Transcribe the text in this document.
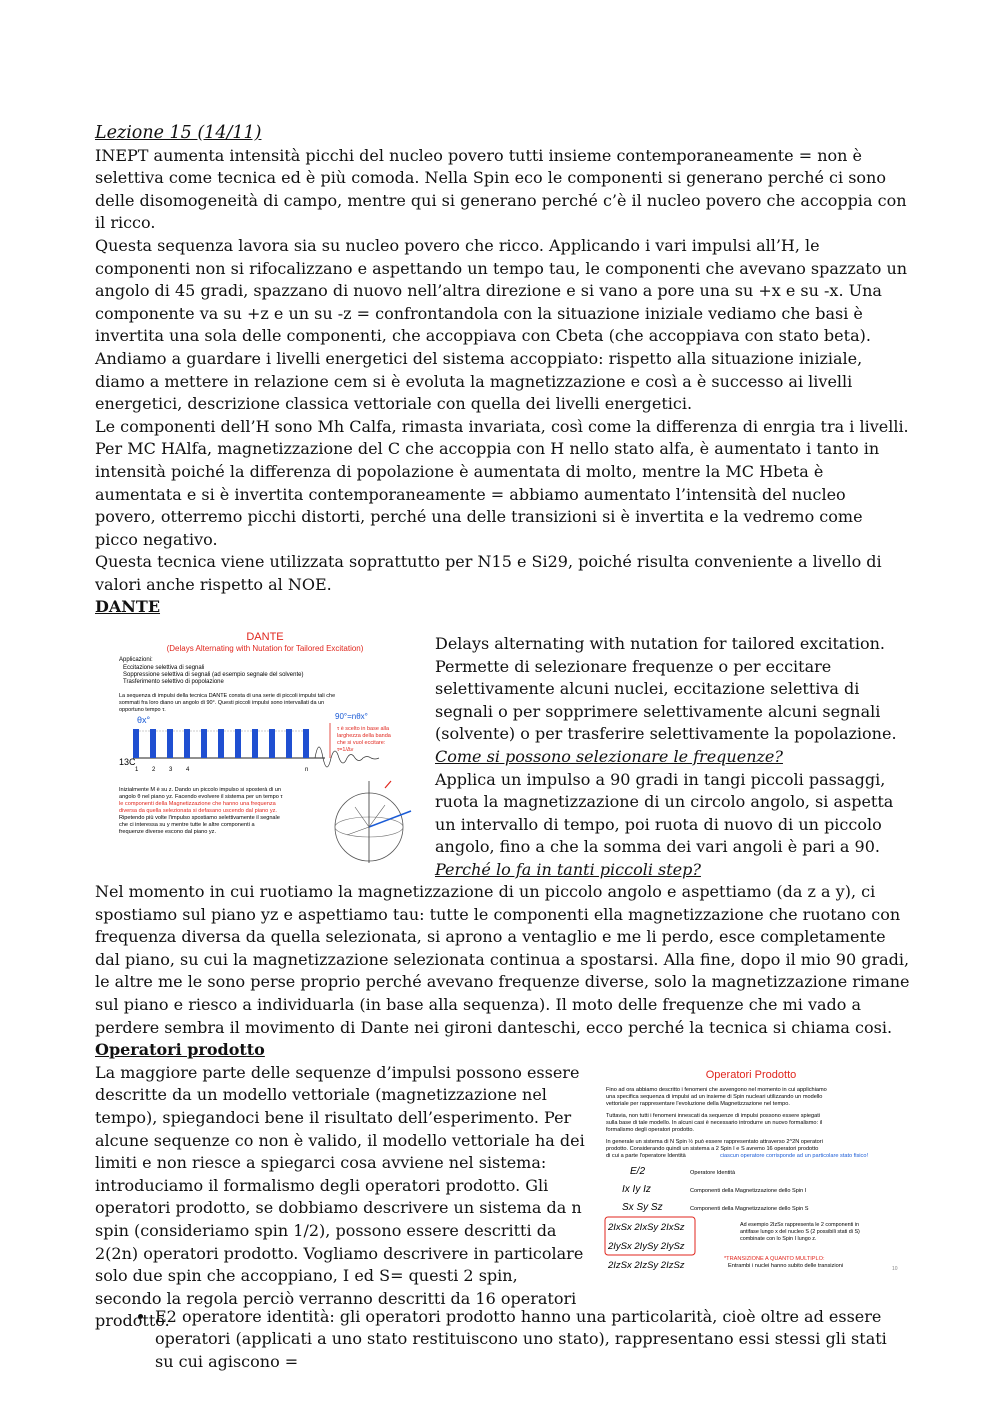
Lezione 15 (14/11)

INEPT aumenta intensità picchi del nucleo povero tutti insieme contemporaneamente = non è selettiva come tecnica ed è più comoda. Nella Spin eco le componenti si generano perché ci sono delle disomogeneità di campo, mentre qui si generano perché c’è il nucleo povero che accoppia con il ricco.

Questa sequenza lavora sia su nucleo povero che ricco. Applicando i vari impulsi all’H, le componenti non si rifocalizzano e aspettando un tempo tau, le componenti che avevano spazzato un angolo di 45 gradi, spazzano di nuovo nell’altra direzione e si vano a pore una su +x e su -x. Una componente va su +z e un su -z = confrontandola con la situazione iniziale vediamo che basi è invertita una sola delle componenti, che accoppiava con Cbeta (che accoppiava con stato beta).

Andiamo a guardare i livelli energetici del sistema accoppiato: rispetto alla situazione iniziale, diamo a mettere in relazione cem si è evoluta la magnetizzazione e così a è successo ai livelli energetici, descrizione classica vettoriale con quella dei livelli energetici.

Le componenti dell’H sono Mh Calfa, rimasta invariata, così come la differenza di enrgia tra i livelli. Per MC HAlfa, magnetizzazione del C che accoppia con H nello stato alfa, è aumentato i tanto in intensità poiché la differenza di popolazione è aumentata di molto, mentre la MC Hbeta è aumentata e si è invertita contemporaneamente = abbiamo aumentato l’intensità del nucleo povero, otterremo picchi distorti, perché una delle transizioni si è invertita e la vedremo come picco negativo.

Questa tecnica viene utilizzata soprattutto per N15 e Si29, poiché risulta conveniente a livello di valori anche rispetto al NOE.

DANTE
DANTE
(Delays Alternating with Nutation for Tailored Excitation)
Applicazioni:
Eccitazione selettiva di segnali
Soppressione selettiva di segnali (ad esempio segnale del solvente)
Trasferimento selettivo di popolazione
La sequenza di impulsi della tecnica DANTE consta di una serie di piccoli impulsi tali che
sommati fra loro diano un angolo di 90°. Questi piccoli impulsi sono intervallati da un
opportuno tempo τ.
θx°	90°=nθx°
τ è scelto in base alla
larghezza della banda
che si vuol eccitare:
τ=1/Δν
13C
1 2 3 4	n
Inizialmente M è su z. Dando un piccolo impulso si sposterà di un
angolo θ nel piano yz. Facendo evolvere il sistema per un tempo τ
le componenti della Magnetizzazione che hanno una frequenza
diversa da quella selezionata si defasano uscendo dal piano yz.
Ripetendo più volte l'impulso spostiamo selettivamente il segnale
che ci interessa su y mentre tutte le altre componenti a
frequenze diverse escono dal piano yz.
Delays alternating with nutation for tailored excitation. Permette di selezionare frequenze o per eccitare selettivamente alcuni nuclei, eccitazione selettiva di segnali o per sopprimere selettivamente alcuni segnali (solvente) o per trasferire selettivamente la popolazione. Come si possono selezionare le frequenze?
Applica un impulso a 90 gradi in tangi piccoli passaggi, ruota la magnetizzazione di un circolo angolo, si aspetta un intervallo di tempo, poi ruota di nuovo di un piccolo angolo, fino a che la somma dei vari angoli è pari a 90. Perché lo fa in tanti piccoli step?

Nel momento in cui ruotiamo la magnetizzazione di un piccolo angolo e aspettiamo (da z a y), ci spostiamo sul piano yz e aspettiamo tau: tutte le componenti ella magnetizzazione che ruotano con frequenza diversa da quella selezionata, si aprono a ventaglio e me li perdo, esce completamente dal piano, su cui la magnetizzazione selezionata continua a spostarsi. Alla fine, dopo il mio 90 gradi, le altre me le sono perse proprio perché avevano frequenze diverse, solo la magnetizzazione rimane sul piano e riesco a individuarla (in base alla sequenza). Il moto delle frequenze che mi vado a perdere sembra il movimento di Dante nei gironi danteschi, ecco perché la tecnica si chiama cosi.

Operatori prodotto
La maggiore parte delle sequenze d’impulsi possono essere descritte da un modello vettoriale (magnetizzazione nel tempo), spiegandoci bene il risultato dell’esperimento. Per alcune sequenze co non è valido, il modello vettoriale ha dei limiti e non riesce a spiegarci cosa avviene nel sistema: introduciamo il formalismo degli operatori prodotto. Gli operatori prodotto, se dobbiamo descrivere un sistema da n spin (consideriamo spin 1/2), possono essere descritti da 2(2n) operatori prodotto. Vogliamo descrivere in particolare solo due spin che accoppiano, I ed S= questi 2 spin, secondo la regola perciò verranno descritti da 16 operatori prodotto.
Operatori Prodotto
Fino ad ora abbiamo descritto i fenomeni che avvengono nel momento in cui applichiamo
una specifica sequenza di impulsi ad un insieme di Spin nucleari utilizzando un modello
vettoriale per rappresentare l'evoluzione della Magnetizzazione nel tempo.
Tuttavia, non tutti i fenomeni innescati da sequenze di impulsi possono essere spiegati
sulla base di tale modello. In alcuni casi è necessario introdurre un nuovo formalismo: il
formalismo degli operatori prodotto.
In generale un sistema di N Spin ½ può essere rappresentato attraverso 2^2N operatori
prodotto. Considerando quindi un sistema a 2 Spin I e S avremo 16 operatori prodotto
di cui a parte l'operatore Identità	ciascun operatore corrisponde ad un particolare stato fisico!
E/2	Operatore Identità
Ix Iy Iz	Componenti della Magnetizzazione dello Spin I
Sx Sy Sz	Componenti della Magnetizzazione dello Spin S
2IxSx 2IxSy 2IxSz
2IySx 2IySy 2IySz
2IzSx 2IzSy 2IzSz
Ad esempio 2IzSx rappresenta le 2 componenti in
antifase lungo x del nucleo S (2 possibili stati di S)
combinate con lo Spin I lungo z.
*TRANSIZIONE A QUANTO MULTIPLO:
Entrambi i nuclei hanno subito delle transizioni	10
• E2 operatore identità: gli operatori prodotto hanno una particolarità, cioè oltre ad essere operatori (applicati a uno stato restituiscono uno stato), rappresentano essi stessi gli stati su cui agiscono =
